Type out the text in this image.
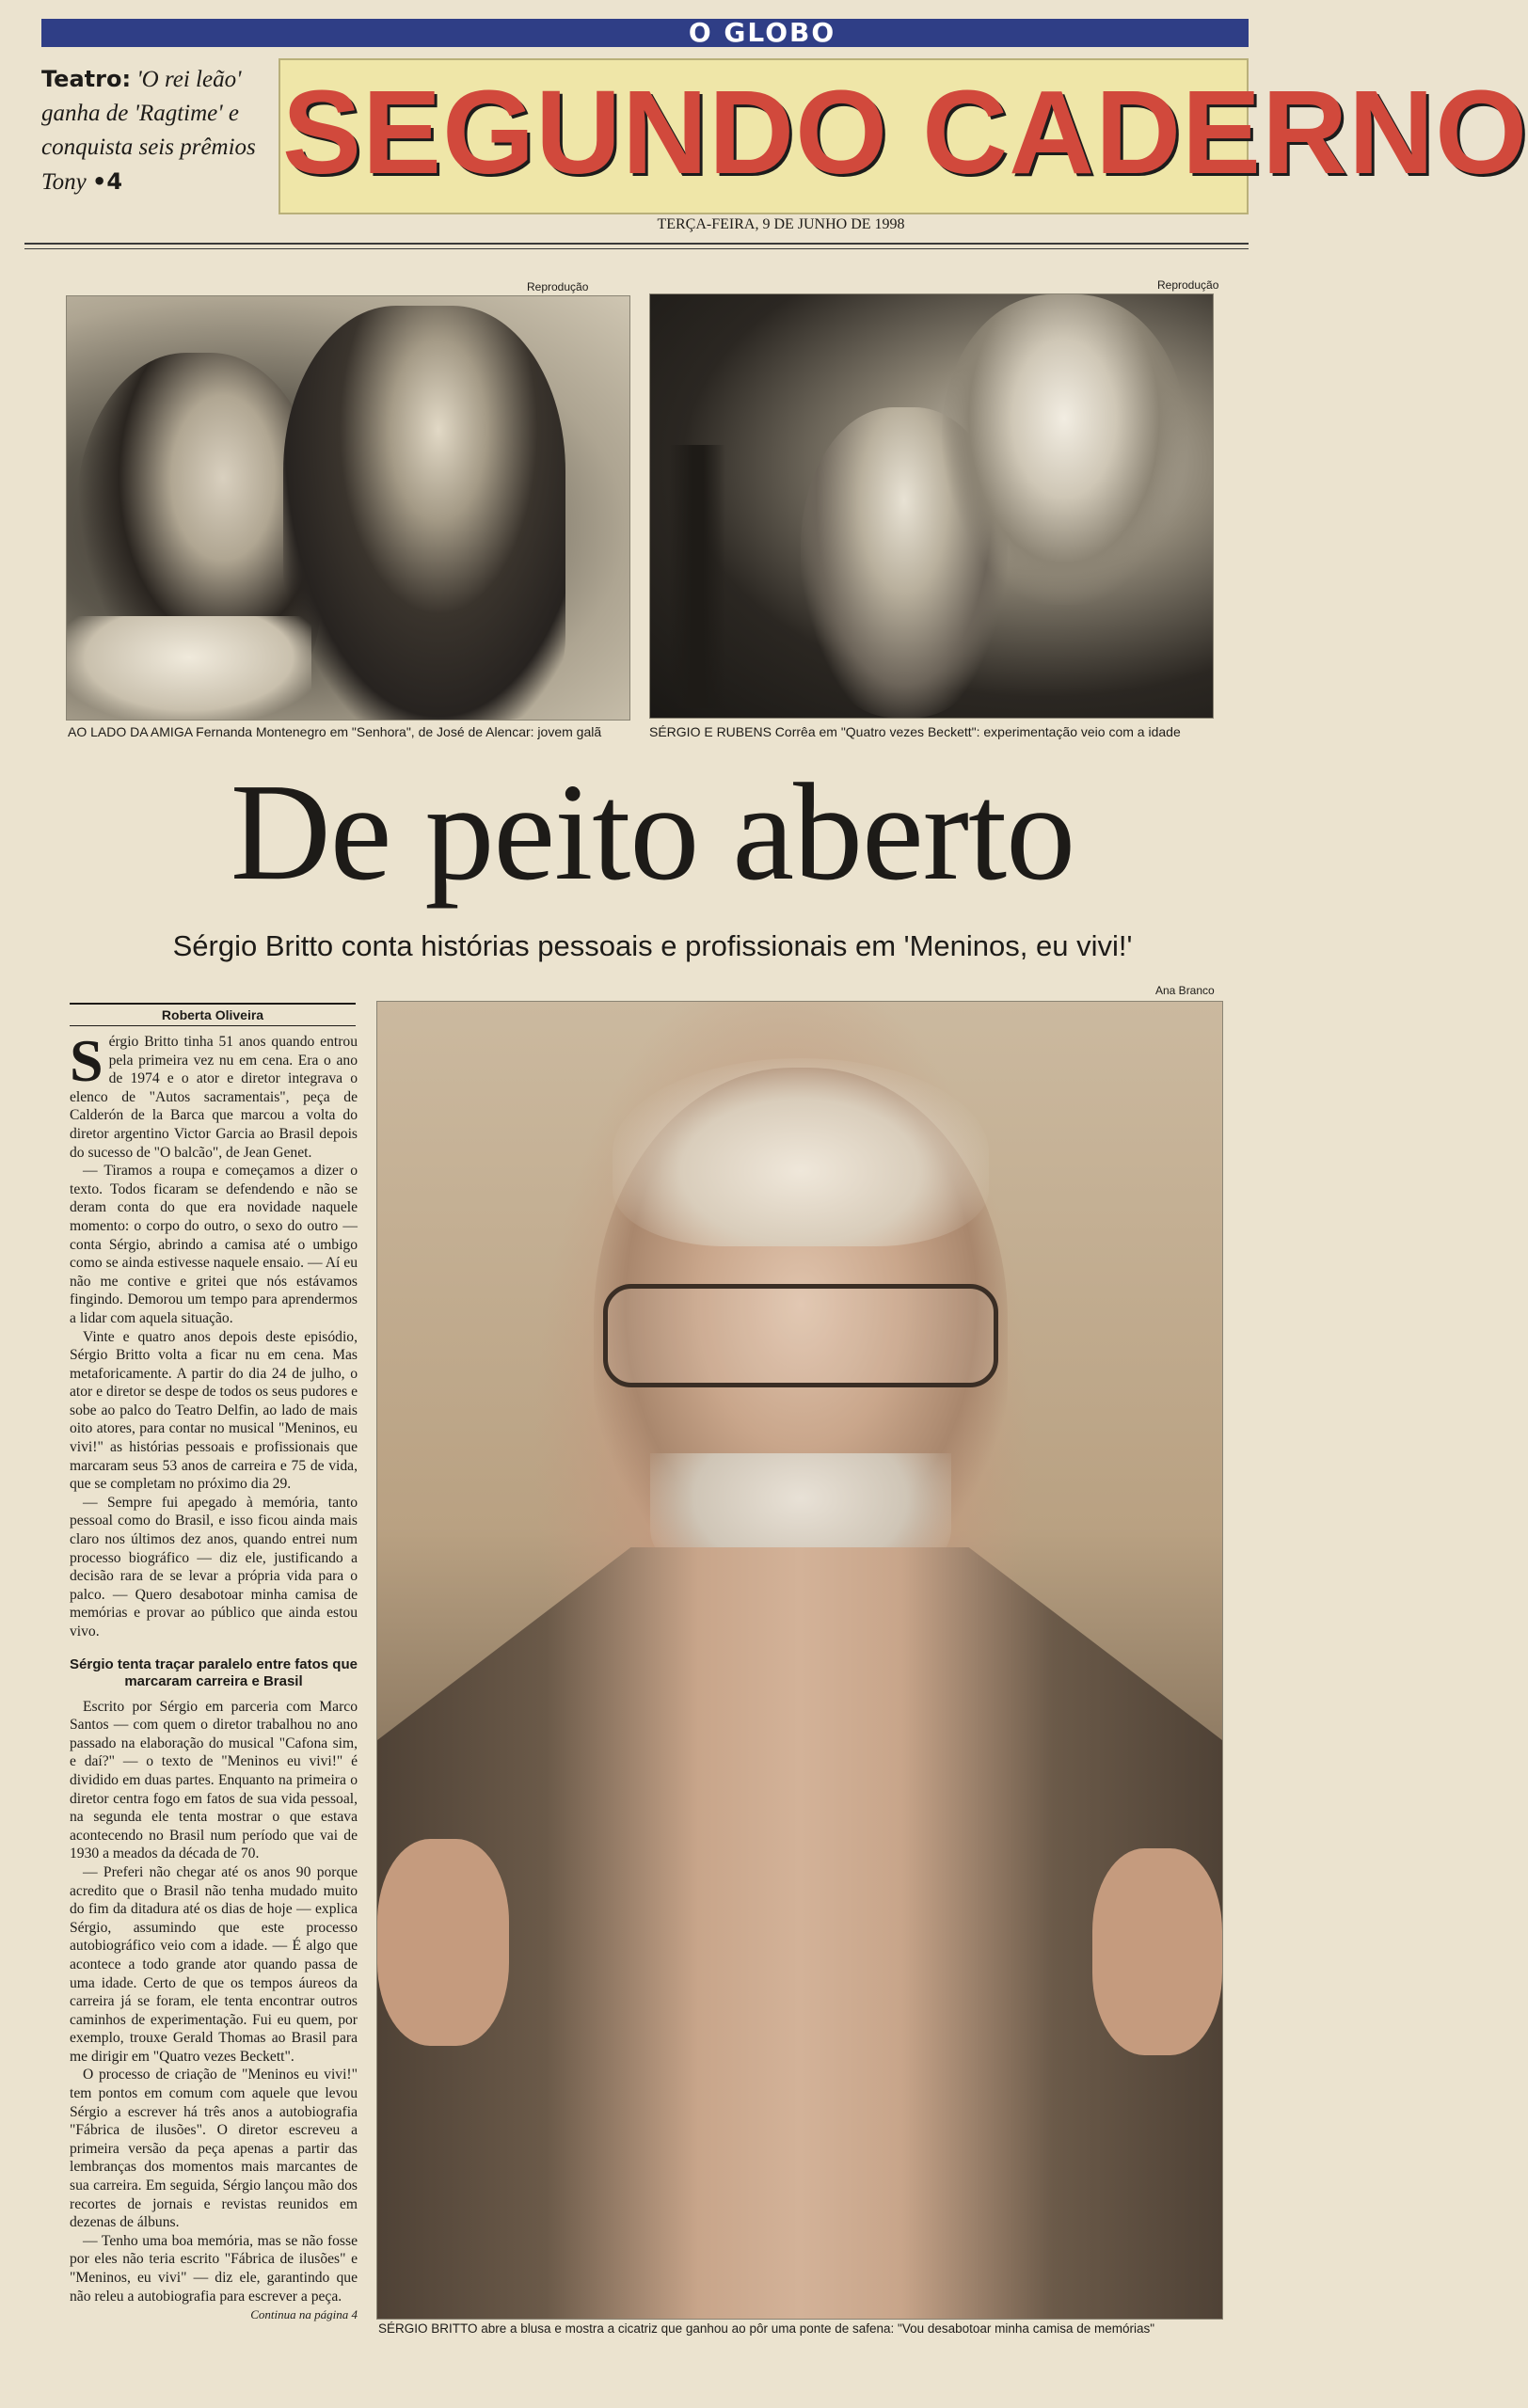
O GLOBO
Teatro: 'O rei leão' ganha de 'Ragtime' e conquista seis prêmios Tony •4	SEGUNDO CADERNO
TERÇA-FEIRA, 9 DE JUNHO DE 1998
Reprodução	Reprodução
AO LADO DA AMIGA Fernanda Montenegro em "Senhora", de José de Alencar: jovem galã	SÉRGIO E RUBENS Corrêa em "Quatro vezes Beckett": experimentação veio com a idade
De peito aberto
Sérgio Britto conta histórias pessoais e profissionais em 'Meninos, eu vivi!'
Ana Branco
Roberta Oliveira

Sérgio Britto tinha 51 anos quando entrou pela primeira vez nu em cena. Era o ano de 1974 e o ator e diretor integrava o elenco de "Autos sacramentais", peça de Calderón de la Barca que marcou a volta do diretor argentino Victor Garcia ao Brasil depois do sucesso de "O balcão", de Jean Genet.

— Tiramos a roupa e começamos a dizer o texto. Todos ficaram se defendendo e não se deram conta do que era novidade naquele momento: o corpo do outro, o sexo do outro — conta Sérgio, abrindo a camisa até o umbigo como se ainda estivesse naquele ensaio. — Aí eu não me contive e gritei que nós estávamos fingindo. Demorou um tempo para aprendermos a lidar com aquela situação.

Vinte e quatro anos depois deste episódio, Sérgio Britto volta a ficar nu em cena. Mas metaforicamente. A partir do dia 24 de julho, o ator e diretor se despe de todos os seus pudores e sobe ao palco do Teatro Delfin, ao lado de mais oito atores, para contar no musical "Meninos, eu vivi!" as histórias pessoais e profissionais que marcaram seus 53 anos de carreira e 75 de vida, que se completam no próximo dia 29.

— Sempre fui apegado à memória, tanto pessoal como do Brasil, e isso ficou ainda mais claro nos últimos dez anos, quando entrei num processo biográfico — diz ele, justificando a decisão rara de se levar a própria vida para o palco. — Quero desabotoar minha camisa de memórias e provar ao público que ainda estou vivo.

Sérgio tenta traçar paralelo entre fatos que marcaram carreira e Brasil

Escrito por Sérgio em parceria com Marco Santos — com quem o diretor trabalhou no ano passado na elaboração do musical "Cafona sim, e daí?" — o texto de "Meninos eu vivi!" é dividido em duas partes. Enquanto na primeira o diretor centra fogo em fatos de sua vida pessoal, na segunda ele tenta mostrar o que estava acontecendo no Brasil num período que vai de 1930 a meados da década de 70.

— Preferi não chegar até os anos 90 porque acredito que o Brasil não tenha mudado muito do fim da ditadura até os dias de hoje — explica Sérgio, assumindo que este processo autobiográfico veio com a idade. — É algo que acontece a todo grande ator quando passa de uma idade. Certo de que os tempos áureos da carreira já se foram, ele tenta encontrar outros caminhos de experimentação. Fui eu quem, por exemplo, trouxe Gerald Thomas ao Brasil para me dirigir em "Quatro vezes Beckett".

O processo de criação de "Meninos eu vivi!" tem pontos em comum com aquele que levou Sérgio a escrever há três anos a autobiografia "Fábrica de ilusões". O diretor escreveu a primeira versão da peça apenas a partir das lembranças dos momentos mais marcantes de sua carreira. Em seguida, Sérgio lançou mão dos recortes de jornais e revistas reunidos em dezenas de álbuns.

— Tenho uma boa memória, mas se não fosse por eles não teria escrito "Fábrica de ilusões" e "Meninos, eu vivi" — diz ele, garantindo que não releu a autobiografia para escrever a peça.
Continua na página 4

SÉRGIO BRITTO abre a blusa e mostra a cicatriz que ganhou ao pôr uma ponte de safena: "Vou desabotoar minha camisa de memórias"
